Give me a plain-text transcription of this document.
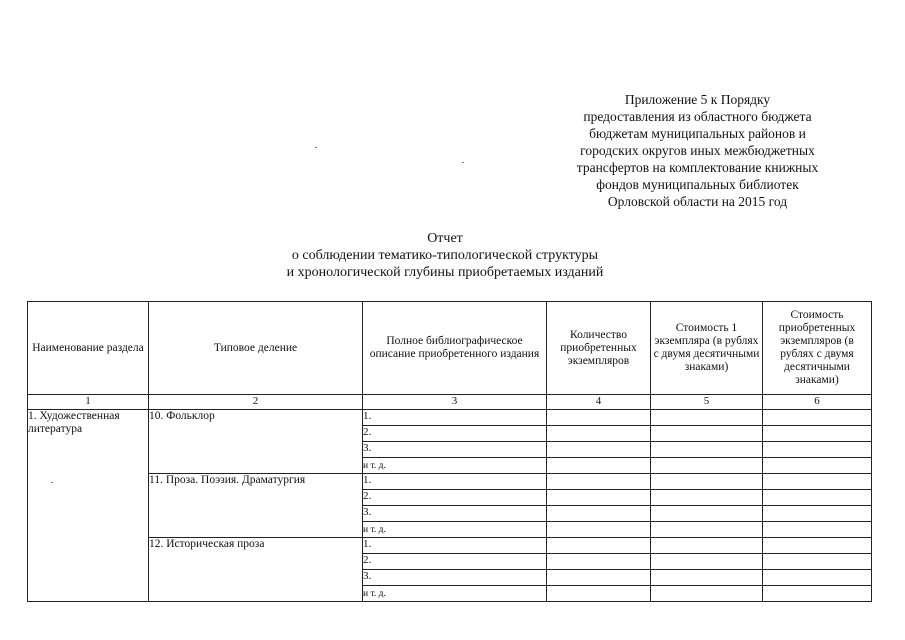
Приложение 5 к Порядку
предоставления из областного бюджета
бюджетам муниципальных районов и
городских округов иных межбюджетных
трансфертов на комплектование книжных
фондов муниципальных библиотек
Орловской области на 2015 год
Отчет
о соблюдении тематико-типологической структуры
и хронологической глубины приобретаемых изданий
Наименование раздела	Типовое деление	Полное библиографическое описание приобретенного издания	Количество приобретенных экземпляров	Стоимость 1 экземпляра (в рублях с двумя десятичными знаками)	Стоимость приобретенных экземпляров (в рублях с двумя десятичными знаками)
1	2	3	4	5	6
1. Художественная литература	10. Фольклор	1.			
		2.			
		3.			
		и т. д.			
	11. Проза. Поэзия. Драматургия	1.			
		2.			
		3.			
		и т. д.			
	12. Историческая проза	1.			
		2.			
		3.			
		и т. д.			
